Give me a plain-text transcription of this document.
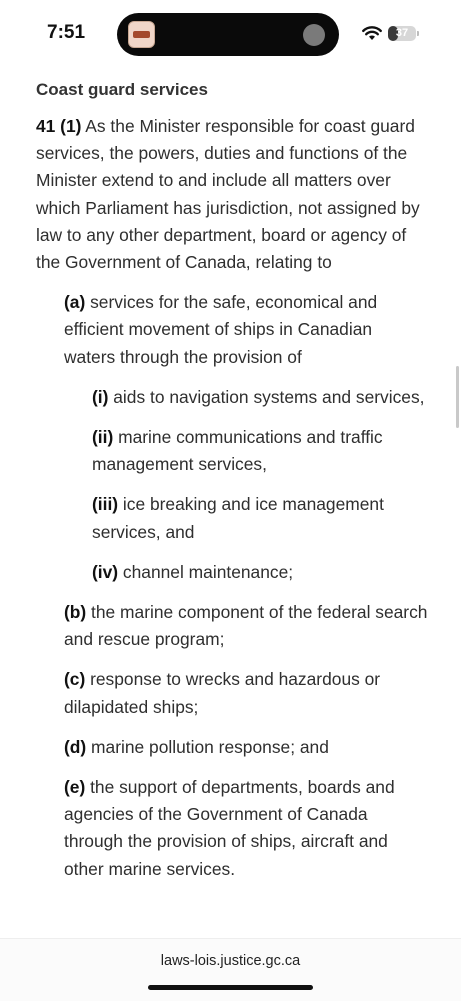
7:51	37

Coast guard services

41 (1) As the Minister responsible for coast guard services, the powers, duties and functions of the Minister extend to and include all matters over which Parliament has jurisdiction, not assigned by law to any other department, board or agency of the Government of Canada, relating to

(a) services for the safe, economical and efficient movement of ships in Canadian waters through the provision of

(i) aids to navigation systems and services,

(ii) marine communications and traffic management services,

(iii) ice breaking and ice management services, and

(iv) channel maintenance;

(b) the marine component of the federal search and rescue program;

(c) response to wrecks and hazardous or dilapidated ships;

(d) marine pollution response; and

(e) the support of departments, boards and agencies of the Government of Canada through the provision of ships, aircraft and other marine services.

laws-lois.justice.gc.ca
